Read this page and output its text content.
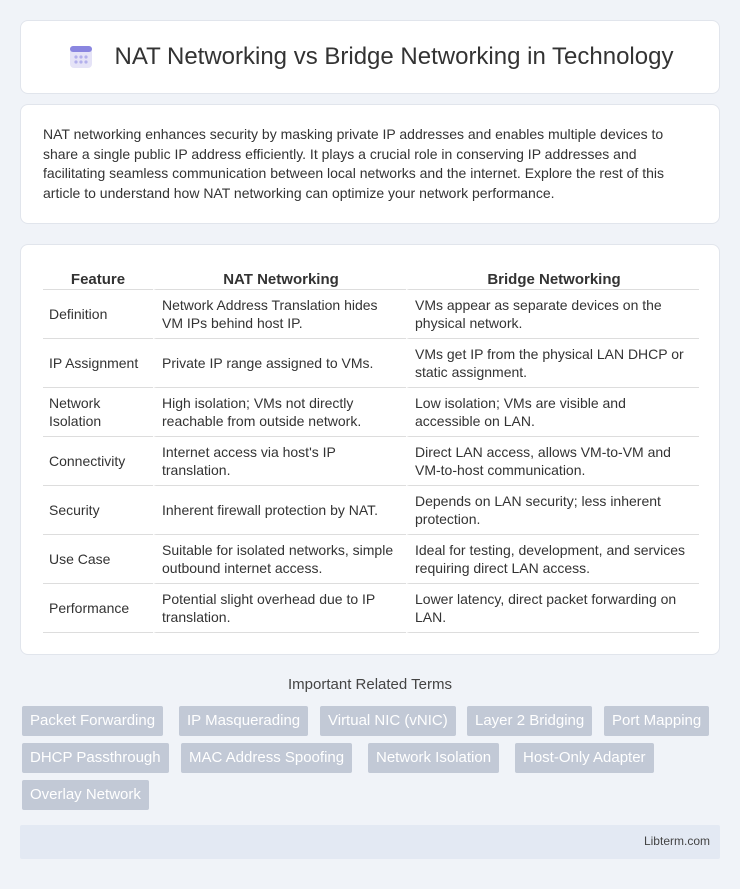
NAT Networking vs Bridge Networking in Technology

NAT networking enhances security by masking private IP addresses and enables multiple devices to share a single public IP address efficiently. It plays a crucial role in conserving IP addresses and facilitating seamless communication between local networks and the internet. Explore the rest of this article to understand how NAT networking can optimize your network performance.

Feature	NAT Networking	Bridge Networking
Definition	Network Address Translation hides VM IPs behind host IP.	VMs appear as separate devices on the physical network.
IP Assignment	Private IP range assigned to VMs.	VMs get IP from the physical LAN DHCP or static assignment.
Network Isolation	High isolation; VMs not directly reachable from outside network.	Low isolation; VMs are visible and accessible on LAN.
Connectivity	Internet access via host's IP translation.	Direct LAN access, allows VM-to-VM and VM-to-host communication.
Security	Inherent firewall protection by NAT.	Depends on LAN security; less inherent protection.
Use Case	Suitable for isolated networks, simple outbound internet access.	Ideal for testing, development, and services requiring direct LAN access.
Performance	Potential slight overhead due to IP translation.	Lower latency, direct packet forwarding on LAN.
Important Related Terms
Packet Forwarding	IP Masquerading	Virtual NIC (vNIC)	Layer 2 Bridging	Port Mapping
DHCP Passthrough	MAC Address Spoofing	Network Isolation	Host-Only Adapter
Overlay Network
Libterm.com
